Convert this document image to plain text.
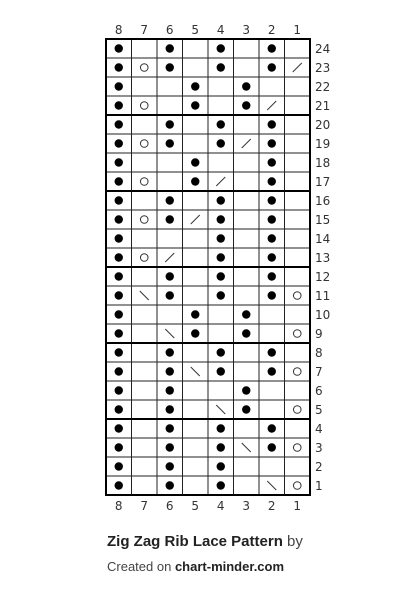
8
8
7
7
6
6
5
5
4
4
3
3
2
2
1
1
1
2
3
4
5
6
7
8
9
10
11
12
13
14
15
16
17
18
19
20
21
22
23
24
Zig Zag Rib Lace Pattern by
Created on chart-minder.com
